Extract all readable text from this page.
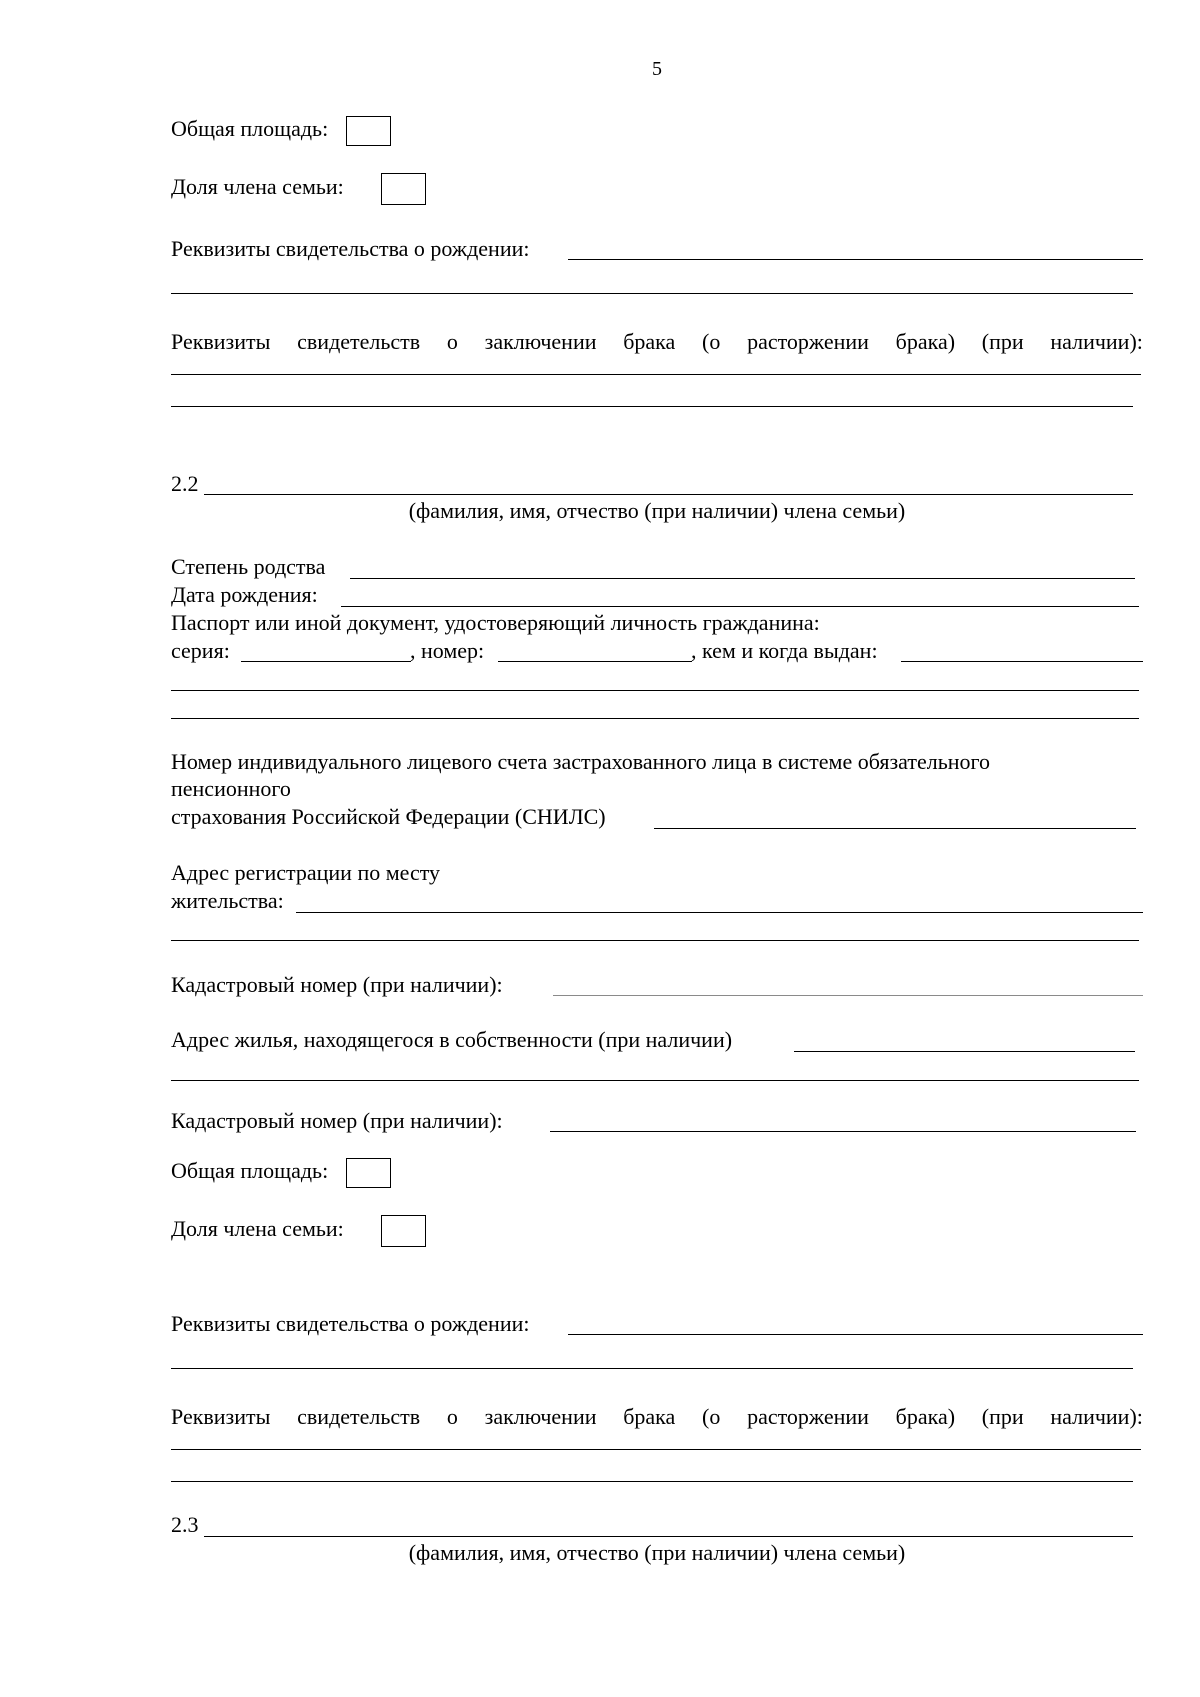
5
Общая площадь:
Доля члена семьи:
Реквизиты свидетельства о рождении:
Реквизиты свидетельств о заключении брака (о расторжении брака) (при наличии):
2.2
(фамилия, имя, отчество (при наличии) члена семьи)
Степень родства
Дата рождения:
Паспорт или иной документ, удостоверяющий личность гражданина:
серия:	, номер:	, кем и когда выдан:
Номер индивидуального лицевого счета застрахованного лица в системе обязательного
пенсионного
страхования Российской Федерации (СНИЛС)
Адрес регистрации по месту
жительства:
Кадастровый номер (при наличии):
Адрес жилья, находящегося в собственности (при наличии)
Кадастровый номер (при наличии):
Общая площадь:
Доля члена семьи:
Реквизиты свидетельства о рождении:
Реквизиты свидетельств о заключении брака (о расторжении брака) (при наличии):
2.3
(фамилия, имя, отчество (при наличии) члена семьи)
